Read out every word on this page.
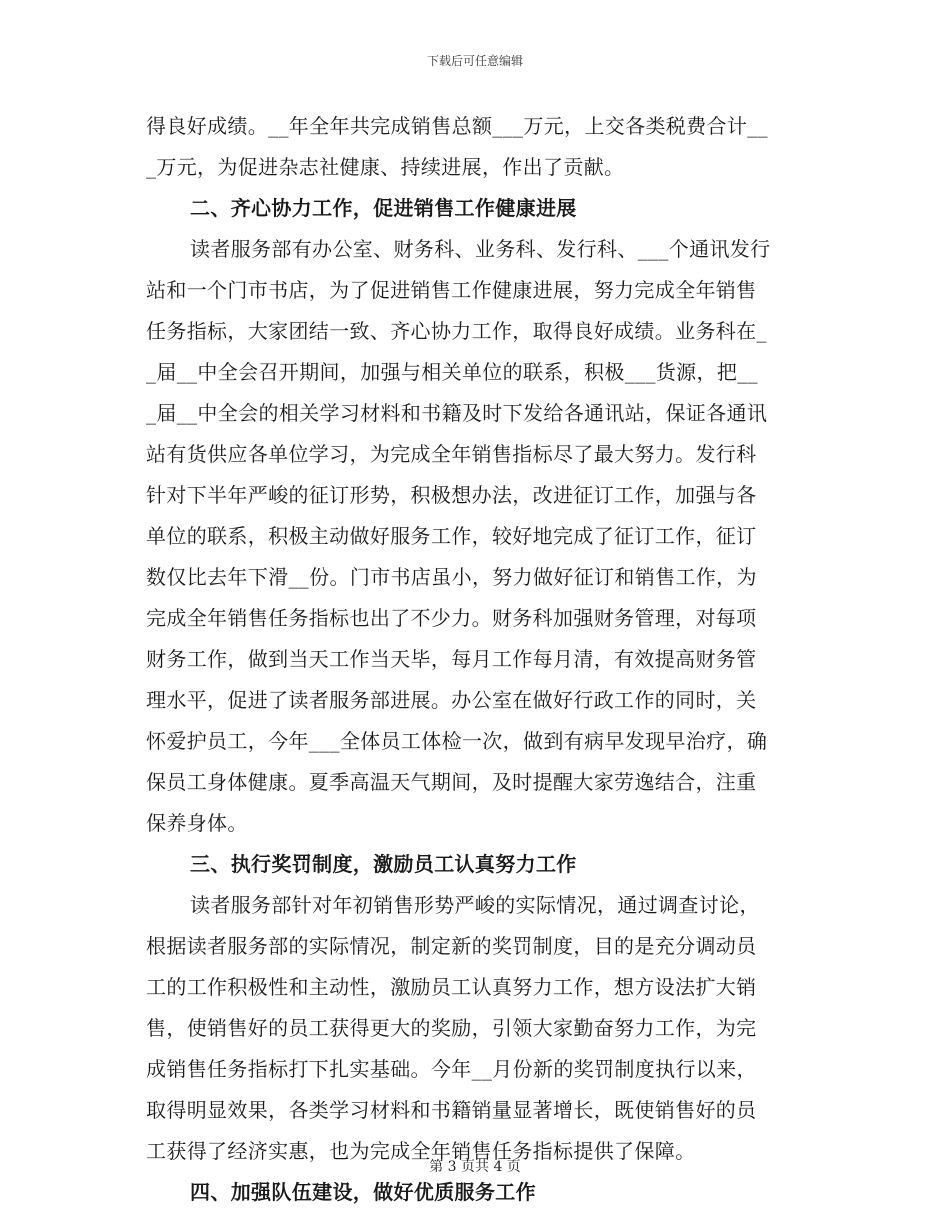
下载后可任意编辑
得良好成绩。__年全年共完成销售总额___万元，上交各类税费合计__
_万元，为促进杂志社健康、持续进展，作出了贡献。
二、齐心协力工作，促进销售工作健康进展
读者服务部有办公室、财务科、业务科、发行科、___个通讯发行
站和一个门市书店，为了促进销售工作健康进展，努力完成全年销售
任务指标，大家团结一致、齐心协力工作，取得良好成绩。业务科在_
_届__中全会召开期间，加强与相关单位的联系，积极___货源，把__
_届__中全会的相关学习材料和书籍及时下发给各通讯站，保证各通讯
站有货供应各单位学习，为完成全年销售指标尽了最大努力。发行科
针对下半年严峻的征订形势，积极想办法，改进征订工作，加强与各
单位的联系，积极主动做好服务工作，较好地完成了征订工作，征订
数仅比去年下滑__份。门市书店虽小，努力做好征订和销售工作，为
完成全年销售任务指标也出了不少力。财务科加强财务管理，对每项
财务工作，做到当天工作当天毕，每月工作每月清，有效提高财务管
理水平，促进了读者服务部进展。办公室在做好行政工作的同时，关
怀爱护员工，今年___全体员工体检一次，做到有病早发现早治疗，确
保员工身体健康。夏季高温天气期间，及时提醒大家劳逸结合，注重
保养身体。
三、执行奖罚制度，激励员工认真努力工作
读者服务部针对年初销售形势严峻的实际情况，通过调查讨论，
根据读者服务部的实际情况，制定新的奖罚制度，目的是充分调动员
工的工作积极性和主动性，激励员工认真努力工作，想方设法扩大销
售，使销售好的员工获得更大的奖励，引领大家勤奋努力工作，为完
成销售任务指标打下扎实基础。今年__月份新的奖罚制度执行以来，
取得明显效果，各类学习材料和书籍销量显著增长，既使销售好的员
工获得了经济实惠，也为完成全年销售任务指标提供了保障。
四、加强队伍建设，做好优质服务工作
第 3 页共 4 页
